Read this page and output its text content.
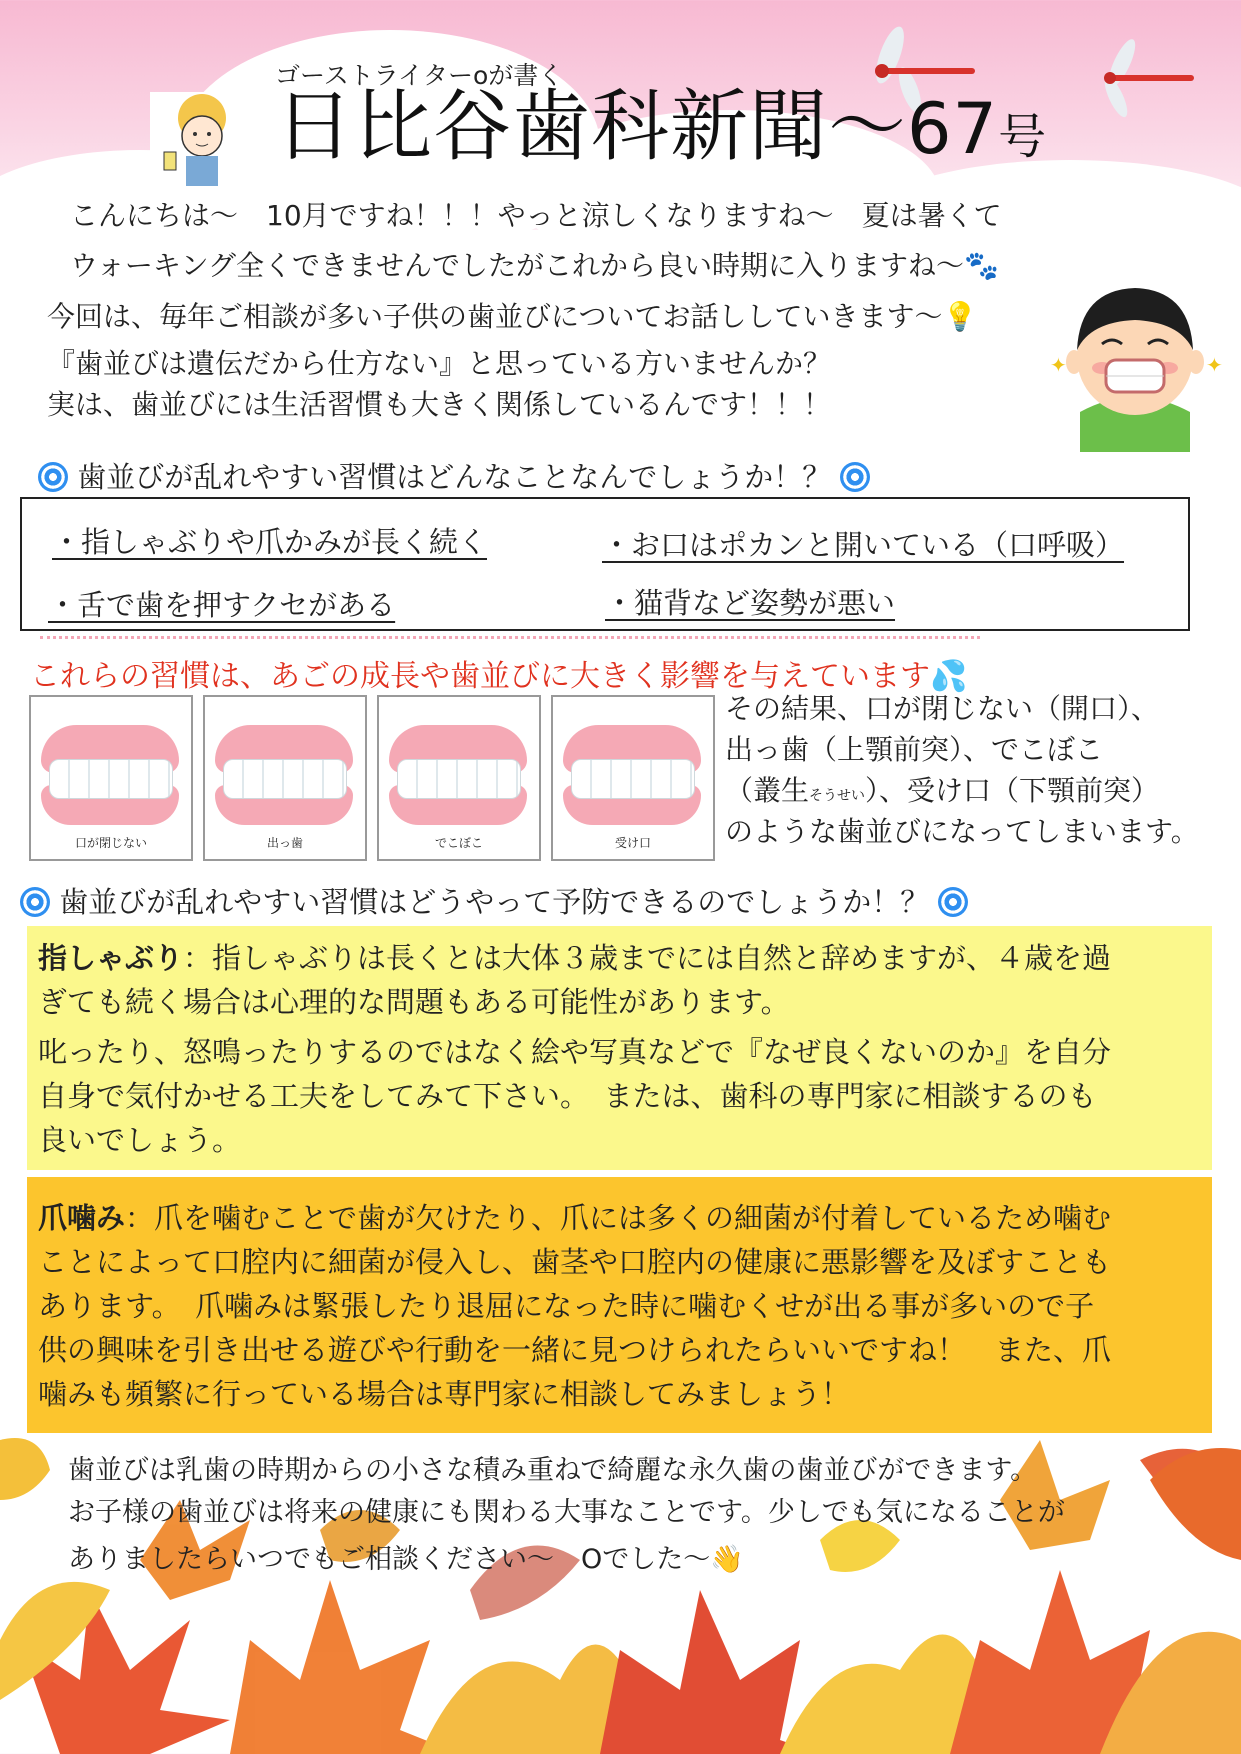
ゴーストライターoが書く
日比谷歯科新聞〜67号
✦	✦
こんにちは〜　10月ですね！！！やっと涼しくなりますね〜　夏は暑くて
ウォーキング全くできませんでしたがこれから良い時期に入りますね〜🐾
今回は、毎年ご相談が多い子供の歯並びについてお話ししていきます〜💡
『歯並びは遺伝だから仕方ない』と思っている方いませんか？
実は、歯並びには生活習慣も大きく関係しているんです！！！
歯並びが乱れやすい習慣はどんなことなんでしょうか！？
・指しゃぶりや爪かみが長く続く	・お口はポカンと開いている（口呼吸）
・舌で歯を押すクセがある	・猫背など姿勢が悪い
これらの習慣は、あごの成長や歯並びに大きく影響を与えています💦
口が閉じない	出っ歯	でこぼこ	受け口
その結果、口が閉じない（開口）、
出っ歯（上顎前突）、でこぼこ
（叢生そうせい）、受け口（下顎前突）
のような歯並びになってしまいます。
歯並びが乱れやすい習慣はどうやって予防できるのでしょうか！？
指しゃぶり：指しゃぶりは長くとは大体３歳までには自然と辞めますが、４歳を過
ぎても続く場合は心理的な問題もある可能性があります。
叱ったり、怒鳴ったりするのではなく絵や写真などで『なぜ良くないのか』を自分
自身で気付かせる工夫をしてみて下さい。　または、歯科の専門家に相談するのも
良いでしょう。
爪噛み：爪を噛むことで歯が欠けたり、爪には多くの細菌が付着しているため噛む
ことによって口腔内に細菌が侵入し、歯茎や口腔内の健康に悪影響を及ぼすことも
あります。　爪噛みは緊張したり退屈になった時に噛むくせが出る事が多いので子
供の興味を引き出せる遊びや行動を一緒に見つけられたらいいですね！　また、爪
噛みも頻繁に行っている場合は専門家に相談してみましょう！
歯並びは乳歯の時期からの小さな積み重ねで綺麗な永久歯の歯並びができます。
お子様の歯並びは将来の健康にも関わる大事なことです。少しでも気になることが
ありましたらいつでもご相談ください〜　Oでした〜👋
